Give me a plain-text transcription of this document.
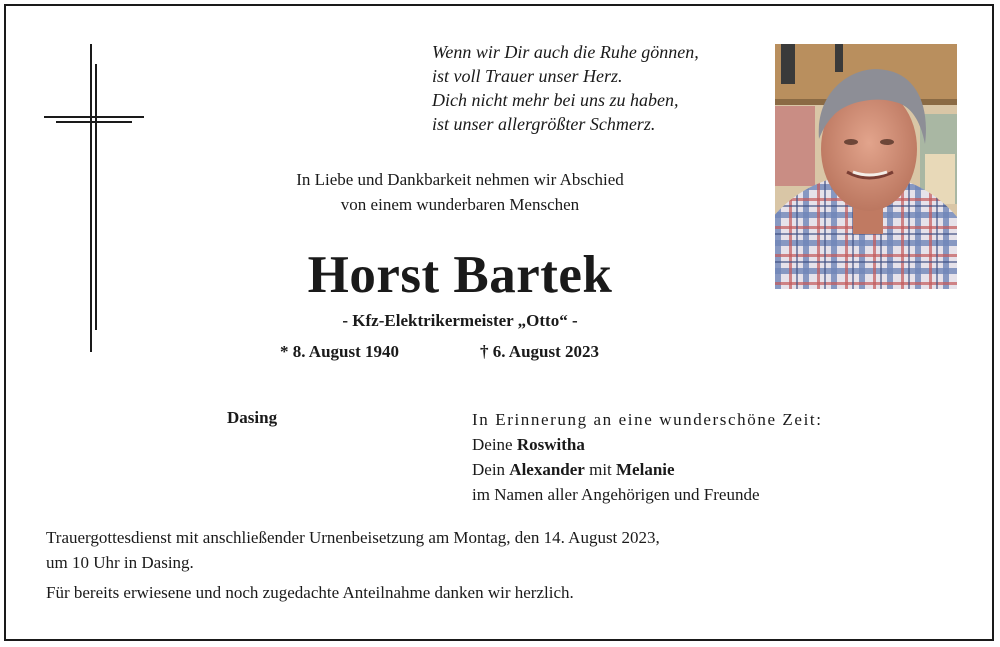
Wenn wir Dir auch die Ruhe gönnen,
ist voll Trauer unser Herz.
Dich nicht mehr bei uns zu haben,
ist unser allergrößter Schmerz.
In Liebe und Dankbarkeit nehmen wir Abschied
von einem wunderbaren Menschen
Horst Bartek
- Kfz-Elektrikermeister „Otto“ -
* 8. August 1940	† 6. August 2023
Dasing	In Erinnerung an eine wunderschöne Zeit:
Deine Roswitha
Dein Alexander mit Melanie
im Namen aller Angehörigen und Freunde
Trauergottesdienst mit anschließender Urnenbeisetzung am Montag, den 14. August 2023,
um 10 Uhr in Dasing.
Für bereits erwiesene und noch zugedachte Anteilnahme danken wir herzlich.
